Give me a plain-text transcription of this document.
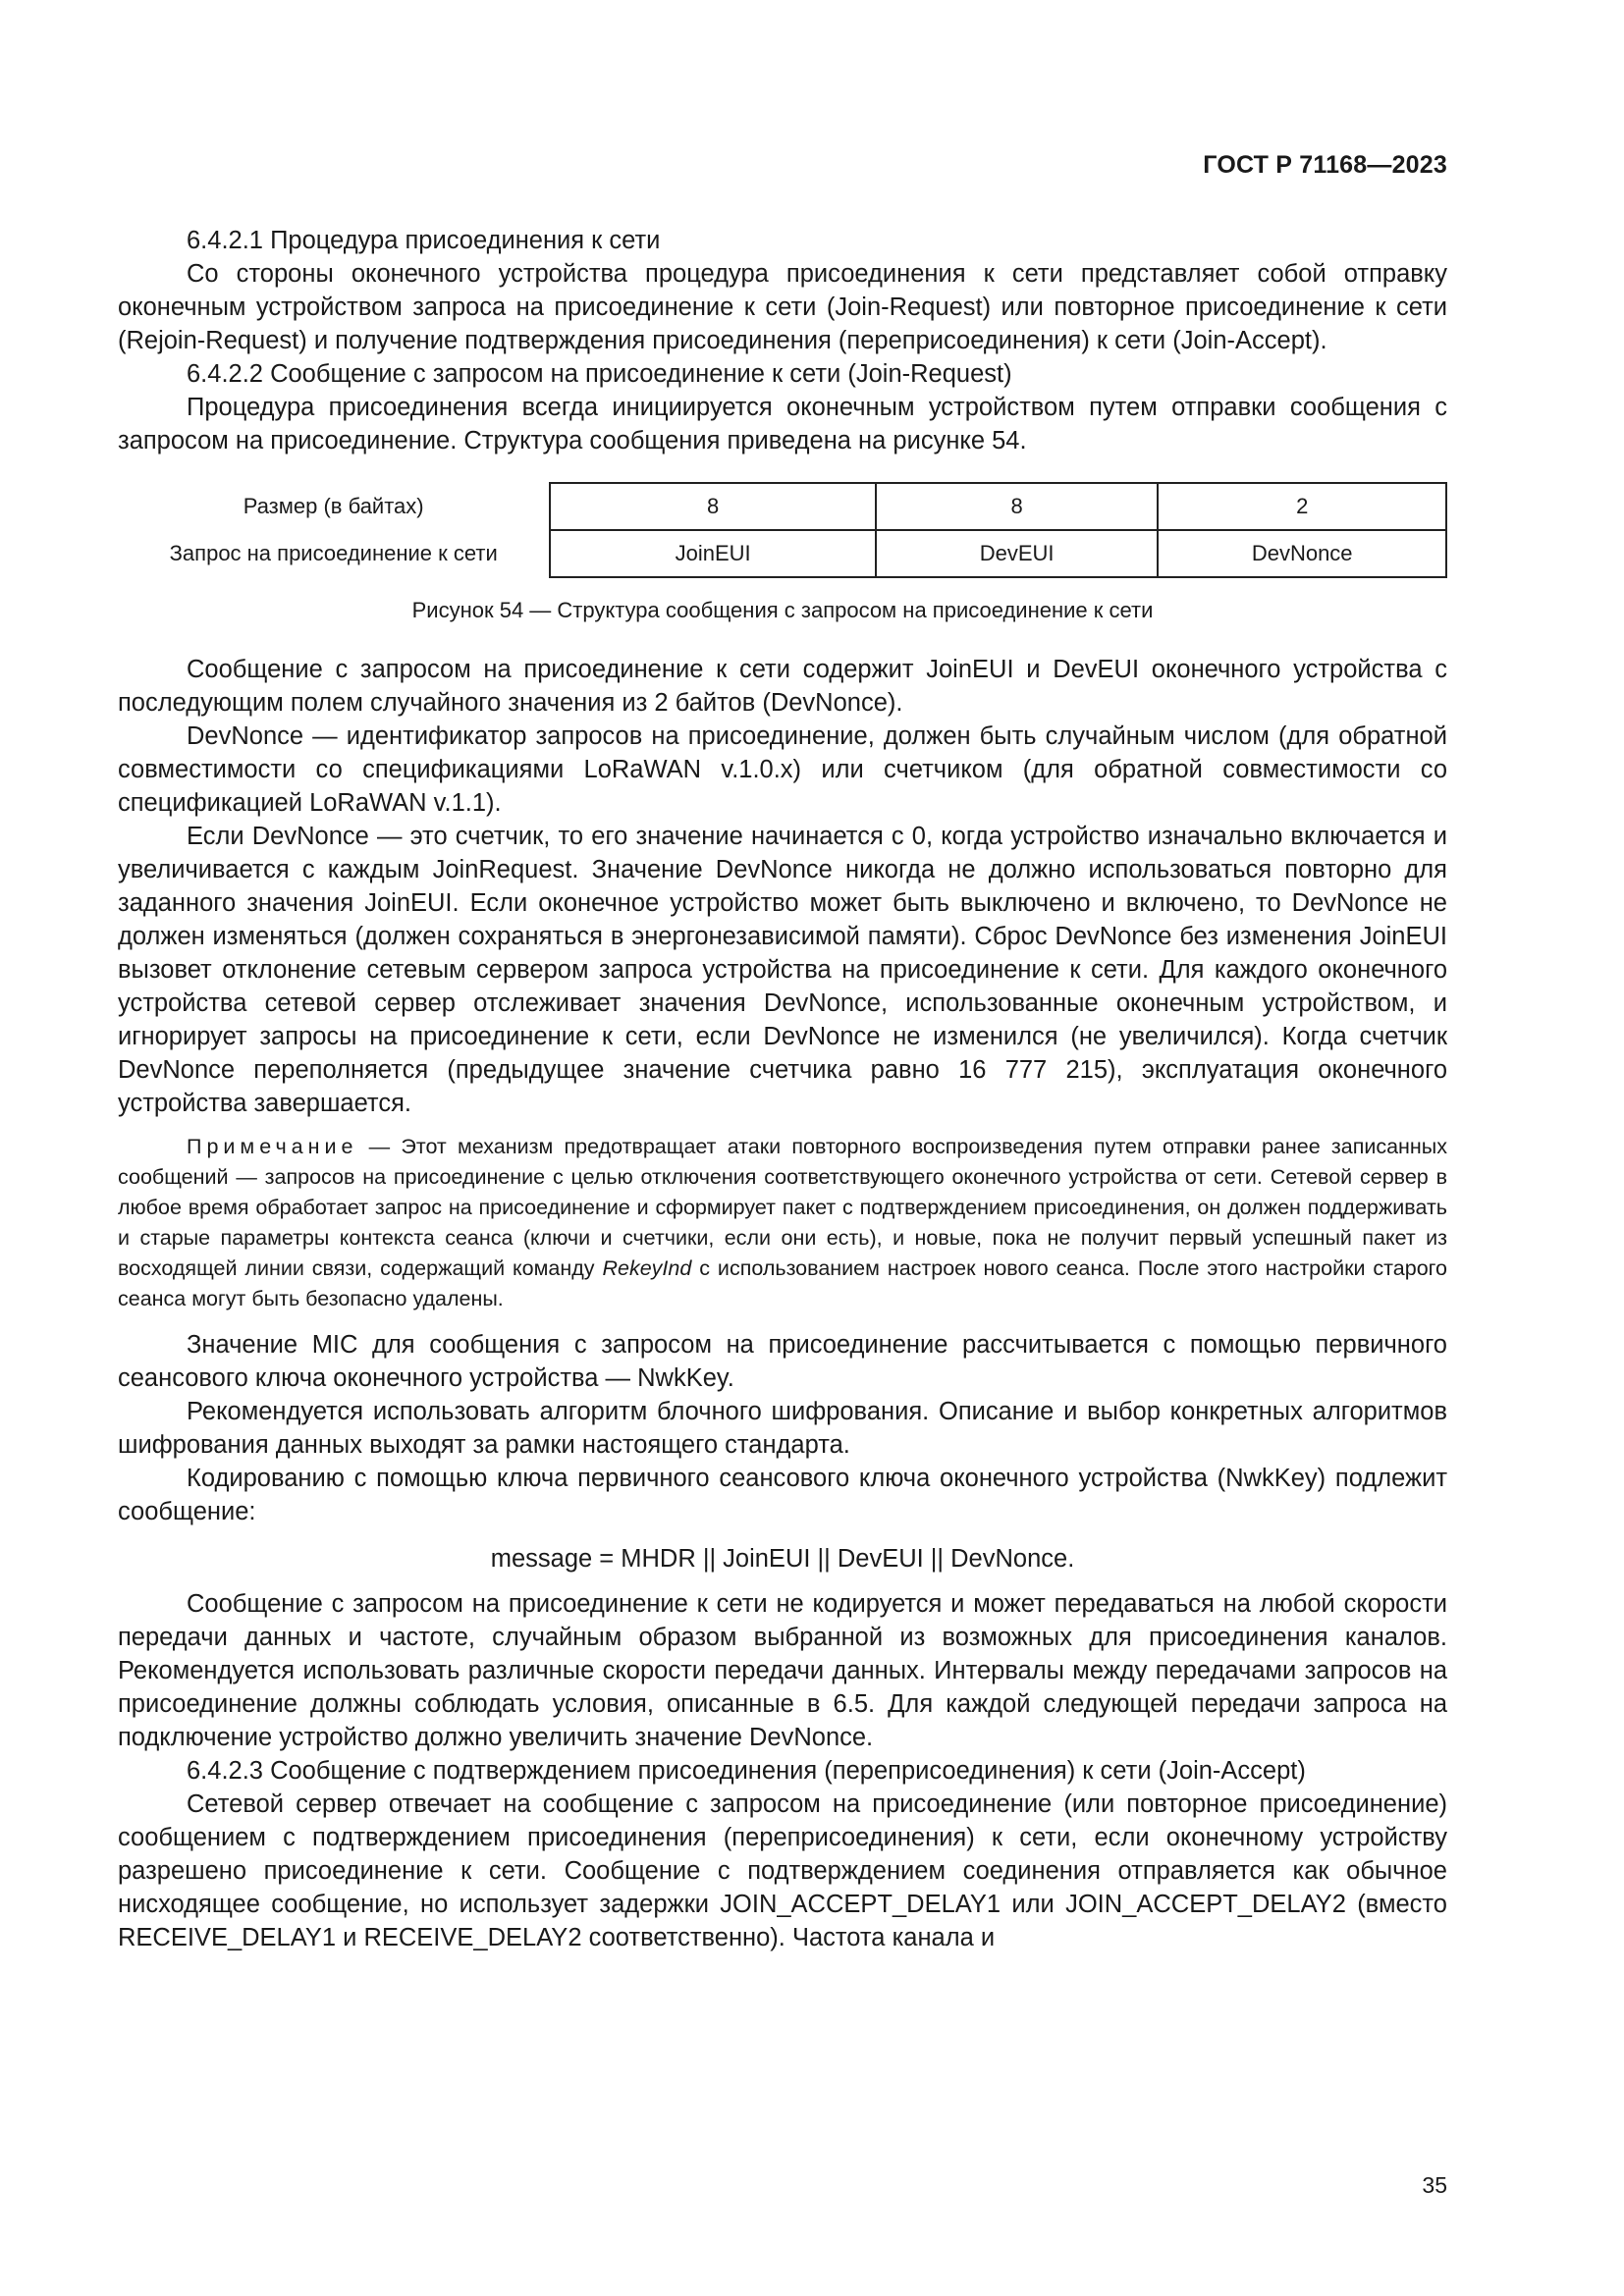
ГОСТ Р 71168—2023

6.4.2.1 Процедура присоединения к сети

Со стороны оконечного устройства процедура присоединения к сети представляет собой отправку оконечным устройством запроса на присоединение к сети (Join-Request) или повторное присоединение к сети (Rejoin-Request) и получение подтверждения присоединения (переприсоединения) к сети (Join-Accept).

6.4.2.2 Сообщение с запросом на присоединение к сети (Join-Request)

Процедура присоединения всегда инициируется оконечным устройством путем отправки сообщения с запросом на присоединение. Структура сообщения приведена на рисунке 54.

Размер (в байтах)	8	8	2
Запрос на присоединение к сети	JoinEUI	DevEUI	DevNonce
Рисунок 54 — Структура сообщения с запросом на присоединение к сети

Сообщение с запросом на присоединение к сети содержит JoinEUI и DevEUI оконечного устройства с последующим полем случайного значения из 2 байтов (DevNonce).

DevNonce — идентификатор запросов на присоединение, должен быть случайным числом (для обратной совместимости со спецификациями LoRaWAN v.1.0.x) или счетчиком (для обратной совместимости со спецификацией LoRaWAN v.1.1).

Если DevNonce — это счетчик, то его значение начинается с 0, когда устройство изначально включается и увеличивается с каждым JoinRequest. Значение DevNonce никогда не должно использоваться повторно для заданного значения JoinEUI. Если оконечное устройство может быть выключено и включено, то DevNonce не должен изменяться (должен сохраняться в энергонезависимой памяти). Сброс DevNonce без изменения JoinEUI вызовет отклонение сетевым сервером запроса устройства на присоединение к сети. Для каждого оконечного устройства сетевой сервер отслеживает значения DevNonce, использованные оконечным устройством, и игнорирует запросы на присоединение к сети, если DevNonce не изменился (не увеличился). Когда счетчик DevNonce переполняется (предыдущее значение счетчика равно 16 777 215), эксплуатация оконечного устройства завершается.

Примечание — Этот механизм предотвращает атаки повторного воспроизведения путем отправки ранее записанных сообщений — запросов на присоединение с целью отключения соответствующего оконечного устройства от сети. Сетевой сервер в любое время обработает запрос на присоединение и сформирует пакет с подтверждением присоединения, он должен поддерживать и старые параметры контекста сеанса (ключи и счетчики, если они есть), и новые, пока не получит первый успешный пакет из восходящей линии связи, содержащий команду RekeyInd с использованием настроек нового сеанса. После этого настройки старого сеанса могут быть безопасно удалены.

Значение MIC для сообщения с запросом на присоединение рассчитывается с помощью первичного сеансового ключа оконечного устройства — NwkKey.

Рекомендуется использовать алгоритм блочного шифрования. Описание и выбор конкретных алгоритмов шифрования данных выходят за рамки настоящего стандарта.

Кодированию с помощью ключа первичного сеансового ключа оконечного устройства (NwkKey) подлежит сообщение:

message = MHDR || JoinEUI || DevEUI || DevNonce.

Сообщение с запросом на присоединение к сети не кодируется и может передаваться на любой скорости передачи данных и частоте, случайным образом выбранной из возможных для присоединения каналов. Рекомендуется использовать различные скорости передачи данных. Интервалы между передачами запросов на присоединение должны соблюдать условия, описанные в 6.5. Для каждой следующей передачи запроса на подключение устройство должно увеличить значение DevNonce.

6.4.2.3 Сообщение с подтверждением присоединения (переприсоединения) к сети (Join-Accept)

Сетевой сервер отвечает на сообщение с запросом на присоединение (или повторное присоединение) сообщением с подтверждением присоединения (переприсоединения) к сети, если оконечному устройству разрешено присоединение к сети. Сообщение с подтверждением соединения отправляется как обычное нисходящее сообщение, но использует задержки JOIN_ACCEPT_DELAY1 или JOIN_ACCEPT_DELAY2 (вместо RECEIVE_DELAY1 и RECEIVE_DELAY2 соответственно). Частота канала и

35
